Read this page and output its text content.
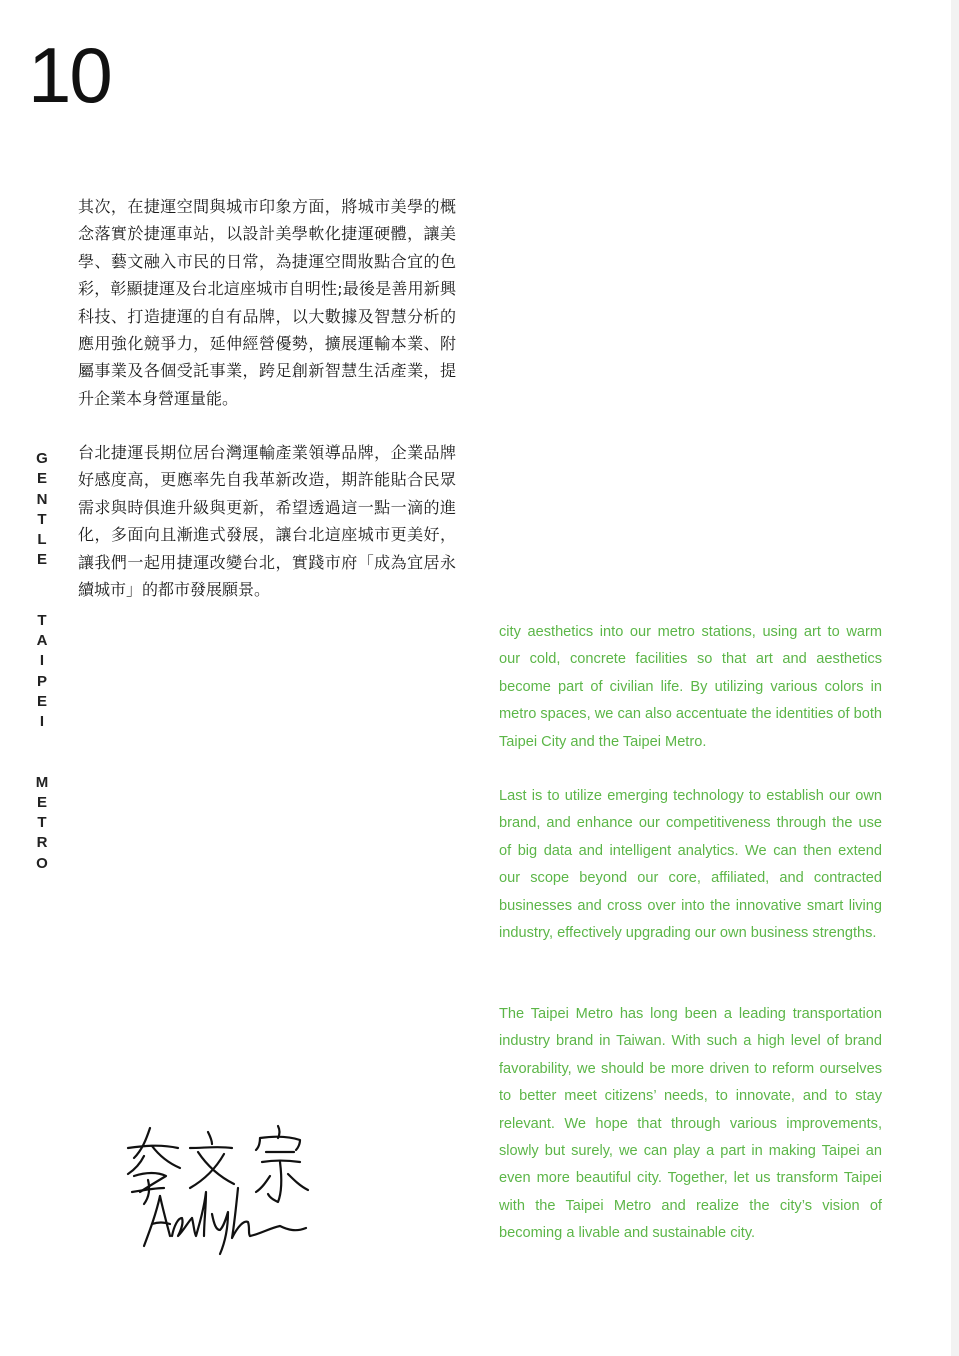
10
G
E
N
T
L
E
T
A
I
P
E
I
M
E
T
R
O

其次，在捷運空間與城市印象方面，將城市美學的概念落實於捷運車站，以設計美學軟化捷運硬體，讓美學、藝文融入市民的日常，為捷運空間妝點合宜的色彩，彰顯捷運及台北這座城市自明性;最後是善用新興科技、打造捷運的自有品牌，以大數據及智慧分析的應用強化競爭力，延伸經營優勢，擴展運輸本業、附屬事業及各個受託事業，跨足創新智慧生活產業，提升企業本身營運量能。

台北捷運長期位居台灣運輸產業領導品牌，企業品牌好感度高，更應率先自我革新改造，期許能貼合民眾需求與時俱進升級與更新，希望透過這一點一滴的進化，多面向且漸進式發展，讓台北這座城市更美好，讓我們一起用捷運改變台北，實踐市府「成為宜居永續城市」的都市發展願景。

city aesthetics into our metro stations, using art to warm our cold, concrete facilities so that art and aesthetics become part of civilian life. By utilizing various colors in metro spaces, we can also accentuate the identities of both Taipei City and the Taipei Metro.

Last is to utilize emerging technology to establish our own brand, and enhance our competitiveness through the use of big data and intelligent analytics. We can then extend our scope beyond our core, affiliated, and contracted businesses and cross over into the innovative smart living industry, effectively upgrading our own business strengths.

The Taipei Metro has long been a leading transportation industry brand in Taiwan. With such a high level of brand favorability, we should be more driven to reform ourselves to better meet citizens’ needs, to innovate, and to stay relevant. We hope that through various improvements, slowly but surely, we can play a part in making Taipei an even more beautiful city. Together, let us transform Taipei with the Taipei Metro and realize the city’s vision of becoming a livable and sustainable city.
